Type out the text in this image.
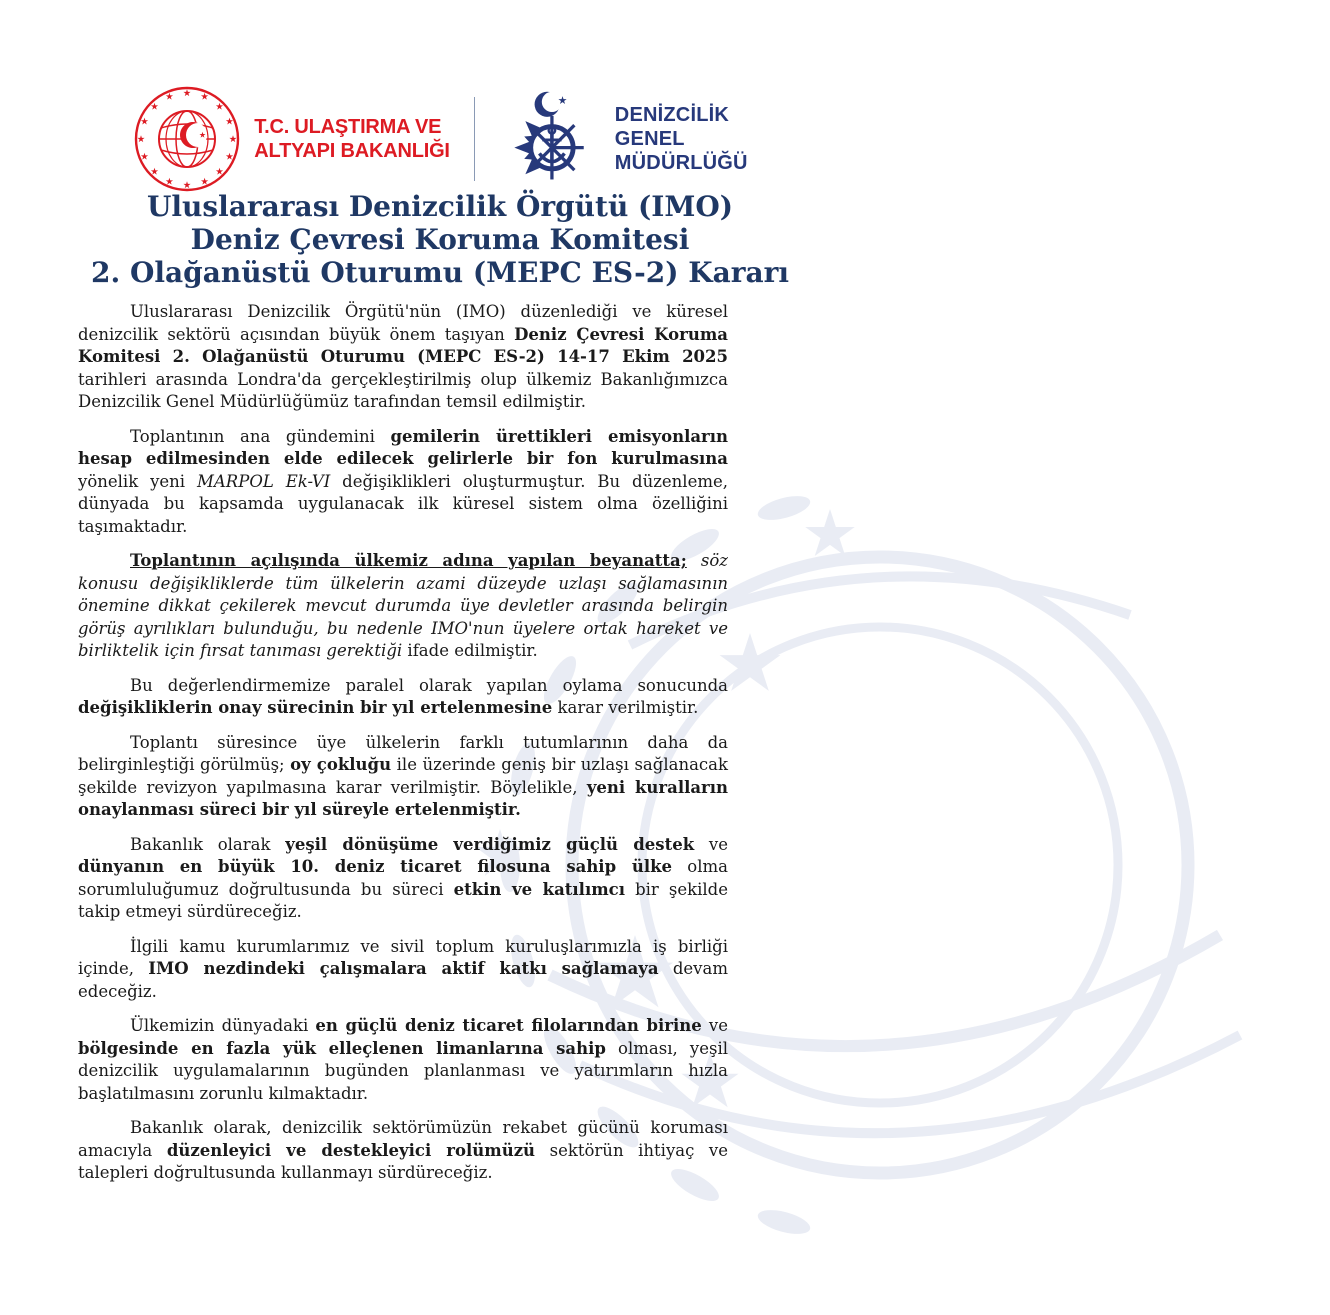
T.C. ULAŞTIRMA VE
ALTYAPI BAKANLIĞI
DENİZCİLİK
GENEL
MÜDÜRLÜĞÜ
Uluslararası Denizcilik Örgütü (IMO)
Deniz Çevresi Koruma Komitesi
2. Olağanüstü Oturumu (MEPC ES-2) Kararı

Uluslararası Denizcilik Örgütü'nün (IMO) düzenlediği ve küresel denizcilik sektörü açısından büyük önem taşıyan Deniz Çevresi Koruma Komitesi 2. Olağanüstü Oturumu (MEPC ES-2) 14-17 Ekim 2025 tarihleri arasında Londra'da gerçekleştirilmiş olup ülkemiz Bakanlığımızca Denizcilik Genel Müdürlüğümüz tarafından temsil edilmiştir.

Toplantının ana gündemini gemilerin ürettikleri emisyonların hesap edilmesinden elde edilecek gelirlerle bir fon kurulmasına yönelik yeni MARPOL Ek-VI değişiklikleri oluşturmuştur. Bu düzenleme, dünyada bu kapsamda uygulanacak ilk küresel sistem olma özelliğini taşımaktadır.

Toplantının açılışında ülkemiz adına yapılan beyanatta; söz konusu değişikliklerde tüm ülkelerin azami düzeyde uzlaşı sağlamasının önemine dikkat çekilerek mevcut durumda üye devletler arasında belirgin görüş ayrılıkları bulunduğu, bu nedenle IMO'nun üyelere ortak hareket ve birliktelik için fırsat tanıması gerektiği ifade edilmiştir.

Bu değerlendirmemize paralel olarak yapılan oylama sonucunda değişikliklerin onay sürecinin bir yıl ertelenmesine karar verilmiştir.

Toplantı süresince üye ülkelerin farklı tutumlarının daha da belirginleştiği görülmüş; oy çokluğu ile üzerinde geniş bir uzlaşı sağlanacak şekilde revizyon yapılmasına karar verilmiştir. Böylelikle, yeni kuralların onaylanması süreci bir yıl süreyle ertelenmiştir.

Bakanlık olarak yeşil dönüşüme verdiğimiz güçlü destek ve dünyanın en büyük 10. deniz ticaret filosuna sahip ülke olma sorumluluğumuz doğrultusunda bu süreci etkin ve katılımcı bir şekilde takip etmeyi sürdüreceğiz.

İlgili kamu kurumlarımız ve sivil toplum kuruluşlarımızla iş birliği içinde, IMO nezdindeki çalışmalara aktif katkı sağlamaya devam edeceğiz.

Ülkemizin dünyadaki en güçlü deniz ticaret filolarından birine ve bölgesinde en fazla yük elleçlenen limanlarına sahip olması, yeşil denizcilik uygulamalarının bugünden planlanması ve yatırımların hızla başlatılmasını zorunlu kılmaktadır.

Bakanlık olarak, denizcilik sektörümüzün rekabet gücünü koruması amacıyla düzenleyici ve destekleyici rolümüzü sektörün ihtiyaç ve talepleri doğrultusunda kullanmayı sürdüreceğiz.
